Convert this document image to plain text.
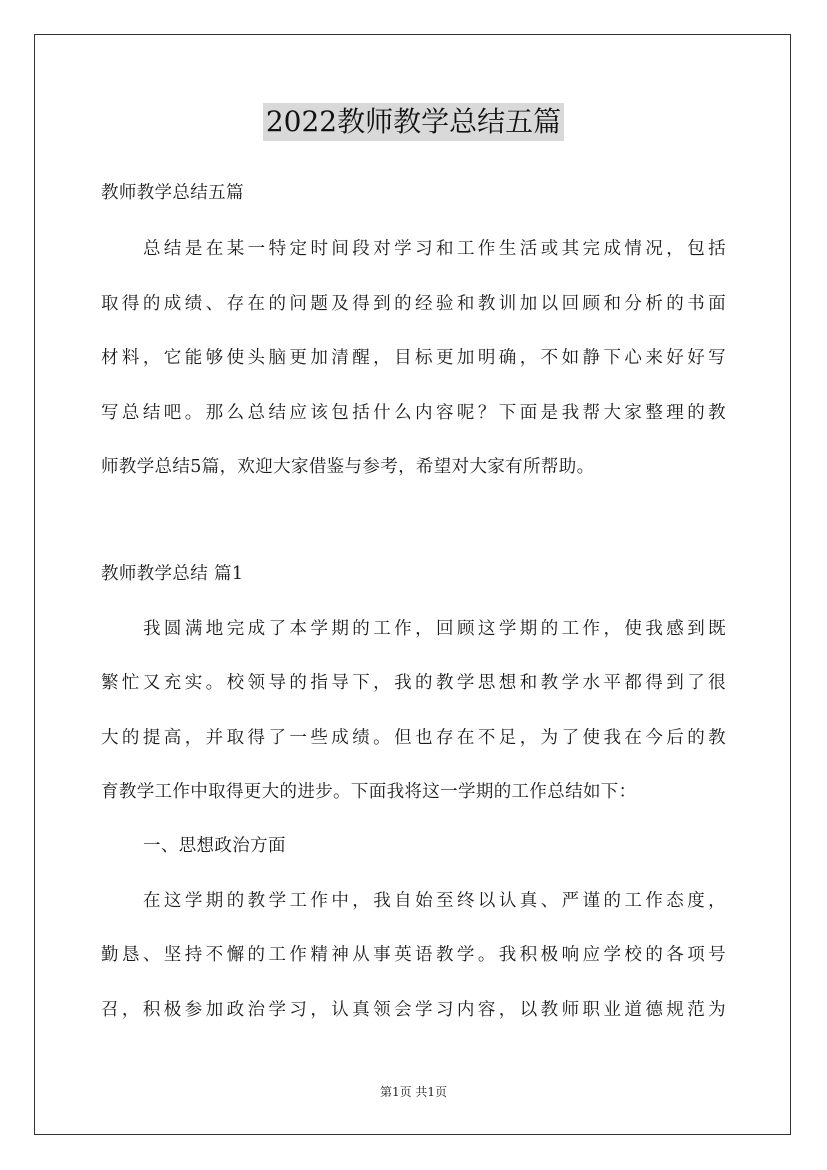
2022教师教学总结五篇
教师教学总结五篇
总结是在某一特定时间段对学习和工作生活或其完成情况，包括
取得的成绩、存在的问题及得到的经验和教训加以回顾和分析的书面
材料，它能够使头脑更加清醒，目标更加明确，不如静下心来好好写
写总结吧。那么总结应该包括什么内容呢？下面是我帮大家整理的教
师教学总结5篇，欢迎大家借鉴与参考，希望对大家有所帮助。
教师教学总结 篇1
我圆满地完成了本学期的工作，回顾这学期的工作，使我感到既
繁忙又充实。校领导的指导下，我的教学思想和教学水平都得到了很
大的提高，并取得了一些成绩。但也存在不足，为了使我在今后的教
育教学工作中取得更大的进步。下面我将这一学期的工作总结如下：
一、思想政治方面
在这学期的教学工作中，我自始至终以认真、严谨的工作态度，
勤恳、坚持不懈的工作精神从事英语教学。我积极响应学校的各项号
召，积极参加政治学习，认真领会学习内容，以教师职业道德规范为
第1页 共1页
